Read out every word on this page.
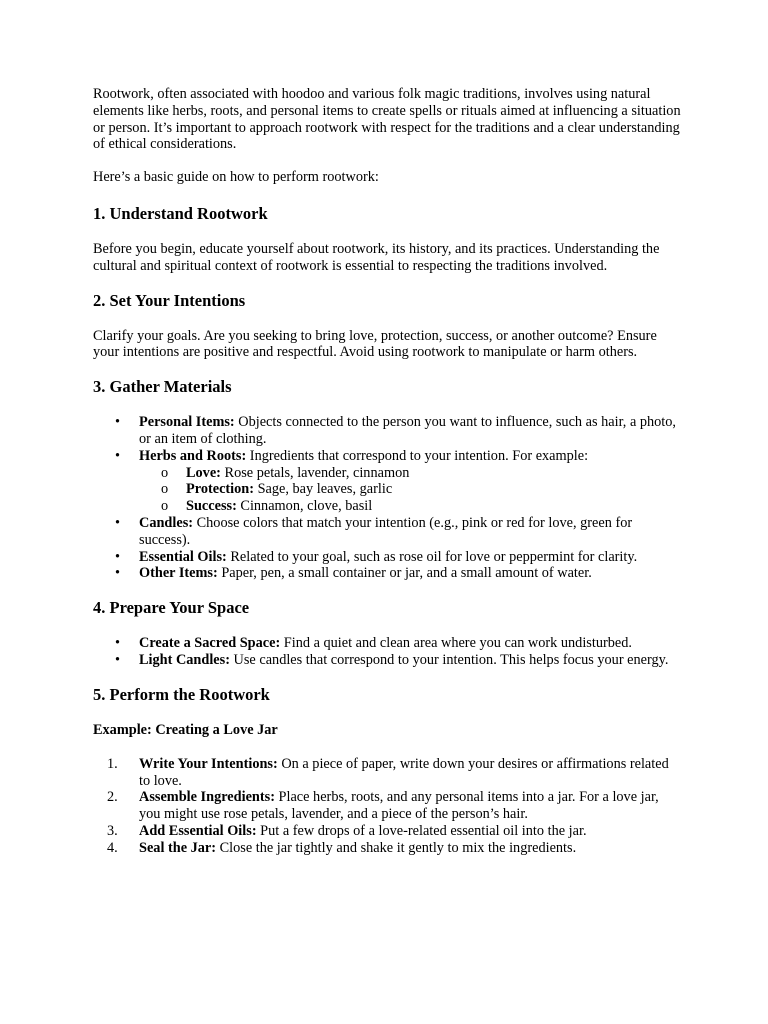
Rootwork, often associated with hoodoo and various folk magic traditions, involves using natural elements like herbs, roots, and personal items to create spells or rituals aimed at influencing a situation or person. It’s important to approach rootwork with respect for the traditions and a clear understanding of ethical considerations.

Here’s a basic guide on how to perform rootwork:

1. Understand Rootwork

Before you begin, educate yourself about rootwork, its history, and its practices. Understanding the cultural and spiritual context of rootwork is essential to respecting the traditions involved.

2. Set Your Intentions

Clarify your goals. Are you seeking to bring love, protection, success, or another outcome? Ensure your intentions are positive and respectful. Avoid using rootwork to manipulate or harm others.

3. Gather Materials
• Personal Items: Objects connected to the person you want to influence, such as hair, a photo, or an item of clothing.
• Herbs and Roots: Ingredients that correspond to your intention. For example:
o Love: Rose petals, lavender, cinnamon
o Protection: Sage, bay leaves, garlic
o Success: Cinnamon, clove, basil
• Candles: Choose colors that match your intention (e.g., pink or red for love, green for success).
• Essential Oils: Related to your goal, such as rose oil for love or peppermint for clarity.
• Other Items: Paper, pen, a small container or jar, and a small amount of water.
4. Prepare Your Space
• Create a Sacred Space: Find a quiet and clean area where you can work undisturbed.
• Light Candles: Use candles that correspond to your intention. This helps focus your energy.
5. Perform the Rootwork
Example: Creating a Love Jar
1.	Write Your Intentions: On a piece of paper, write down your desires or affirmations related to love.
2.	Assemble Ingredients: Place herbs, roots, and any personal items into a jar. For a love jar, you might use rose petals, lavender, and a piece of the person’s hair.
3.	Add Essential Oils: Put a few drops of a love-related essential oil into the jar.
4.	Seal the Jar: Close the jar tightly and shake it gently to mix the ingredients.
